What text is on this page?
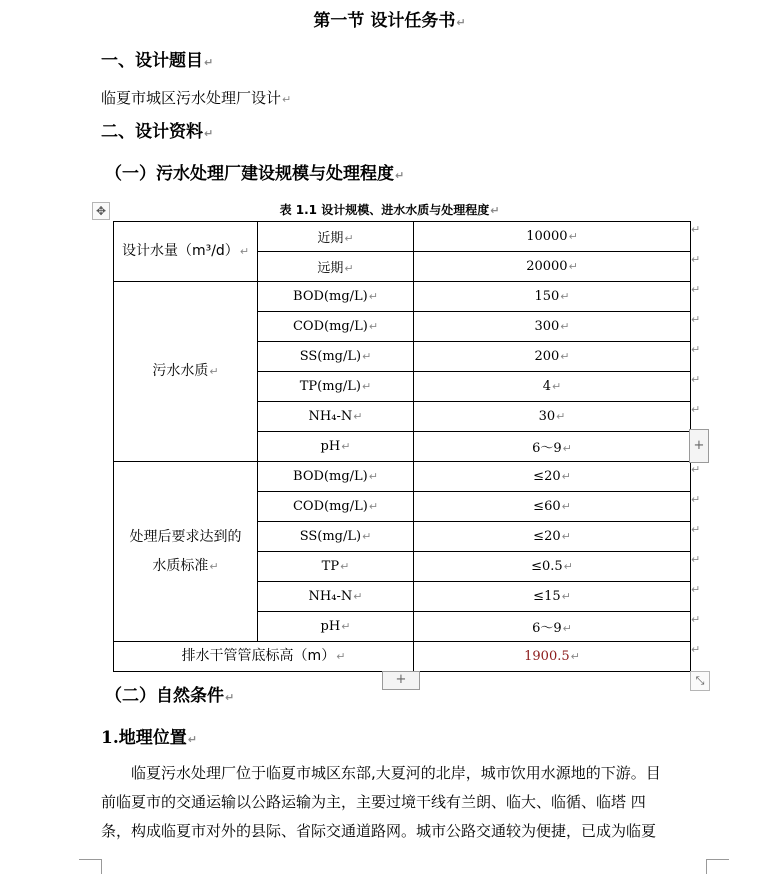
第一节 设计任务书↵
一、设计题目↵
临夏市城区污水处理厂设计↵
二、设计资料↵
（一）污水处理厂建设规模与处理程度↵
✥	表 1.1 设计规模、进水水质与处理程度↵
设计水量（m³/d）↵	近期↵	10000↵
	远期↵	20000↵
污水水质↵	BOD(mg/L)↵	150↵
	COD(mg/L)↵	300↵
	SS(mg/L)↵	200↵
	TP(mg/L)↵	4↵
	NH₄-N↵	30↵
	pH↵	6～9↵
处理后要求达到的
水质标准↵	BOD(mg/L)↵	≤20↵
	COD(mg/L)↵	≤60↵
	SS(mg/L)↵	≤20↵
	TP↵	≤0.5↵
	NH₄-N↵	≤15↵
	pH↵	6～9↵
排水干管管底标高（m）↵		1900.5↵
↵
↵
↵
↵
↵
↵
↵
↵
↵
↵
↵
↵
↵
↵
+
+	⤡
（二）自然条件↵
1.地理位置↵
　　临夏污水处理厂位于临夏市城区东部,大夏河的北岸，城市饮用水源地的下游。目
前临夏市的交通运输以公路运输为主，主要过境干线有兰朗、临大、临循、临塔 四
条，构成临夏市对外的县际、省际交通道路网。城市公路交通较为便捷，已成为临夏
